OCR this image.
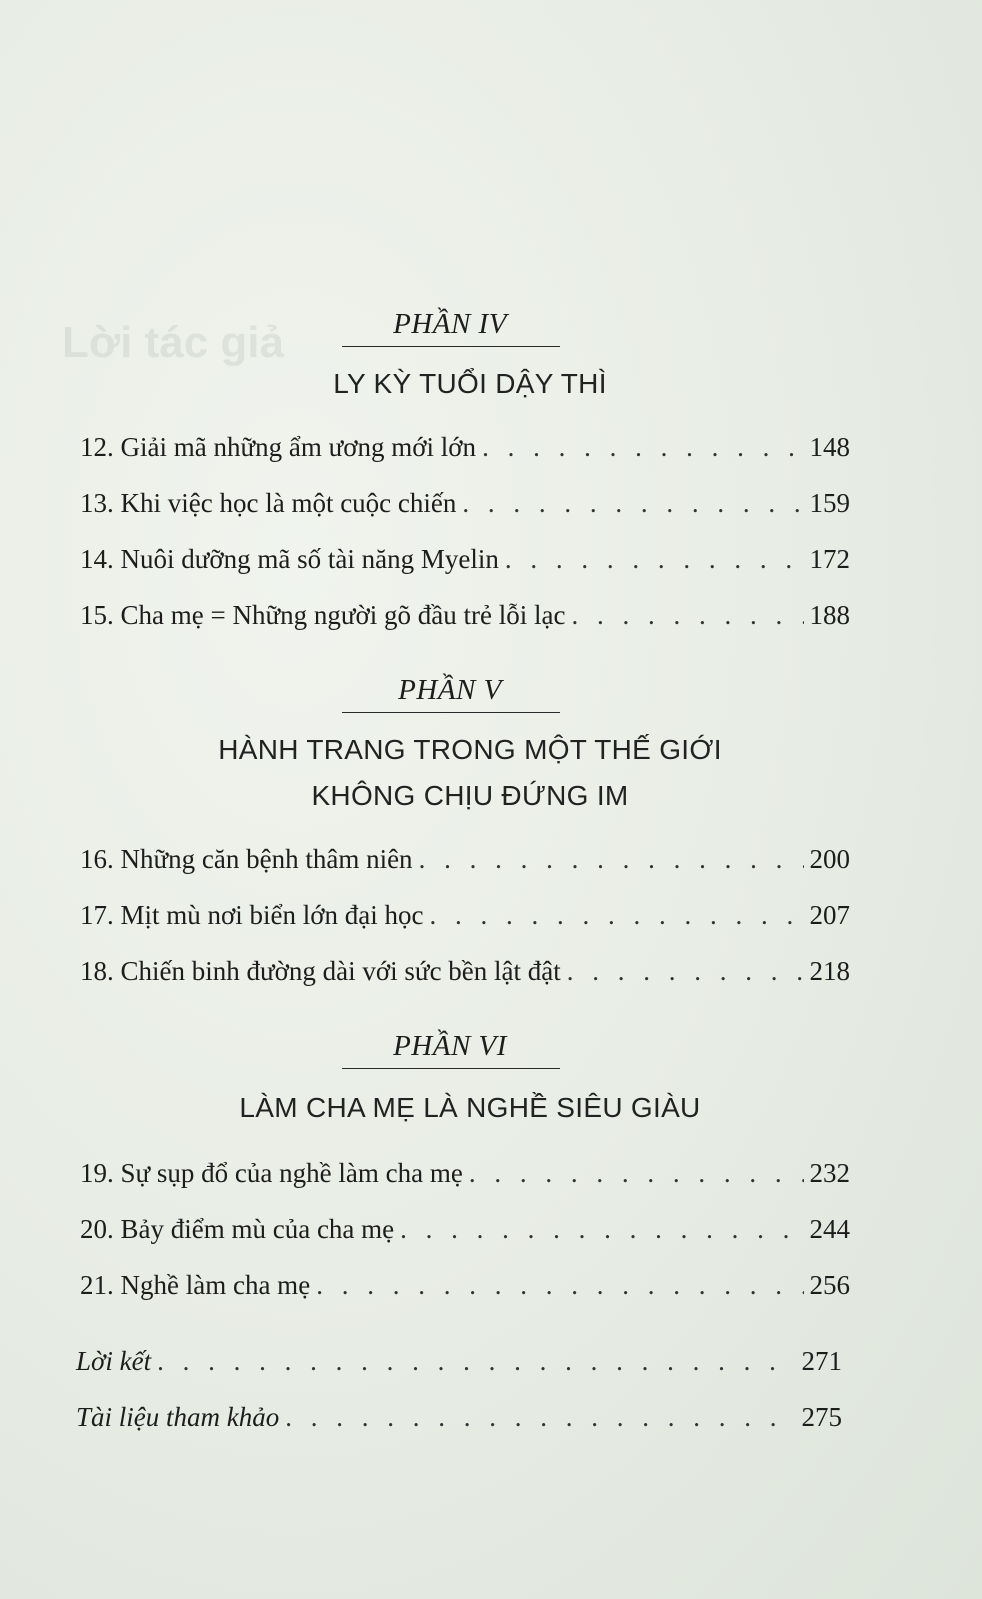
Lời tác giả	PHẦN IV
LY KỲ TUỔI DẬY THÌ
12. Giải mã những ẩm ương mới lớn . . .	148
13. Khi việc học là một cuộc chiến . . .	159
14. Nuôi dưỡng mã số tài năng Myelin . . .	172
15. Cha mẹ = Những người gõ đầu trẻ lỗi lạc . . .	188
PHẦN V
HÀNH TRANG TRONG MỘT THẾ GIỚI
KHÔNG CHỊU ĐỨNG IM
16. Những căn bệnh thâm niên . . .	200
17. Mịt mù nơi biển lớn đại học . . .	207
18. Chiến binh đường dài với sức bền lật đật . . .	218
PHẦN VI
LÀM CHA MẸ LÀ NGHỀ SIÊU GIÀU
19. Sự sụp đổ của nghề làm cha mẹ . . .	232
20. Bảy điểm mù của cha mẹ . . .	244
21. Nghề làm cha mẹ . . .	256
Lời kết . . .	271
Tài liệu tham khảo . . .	275
